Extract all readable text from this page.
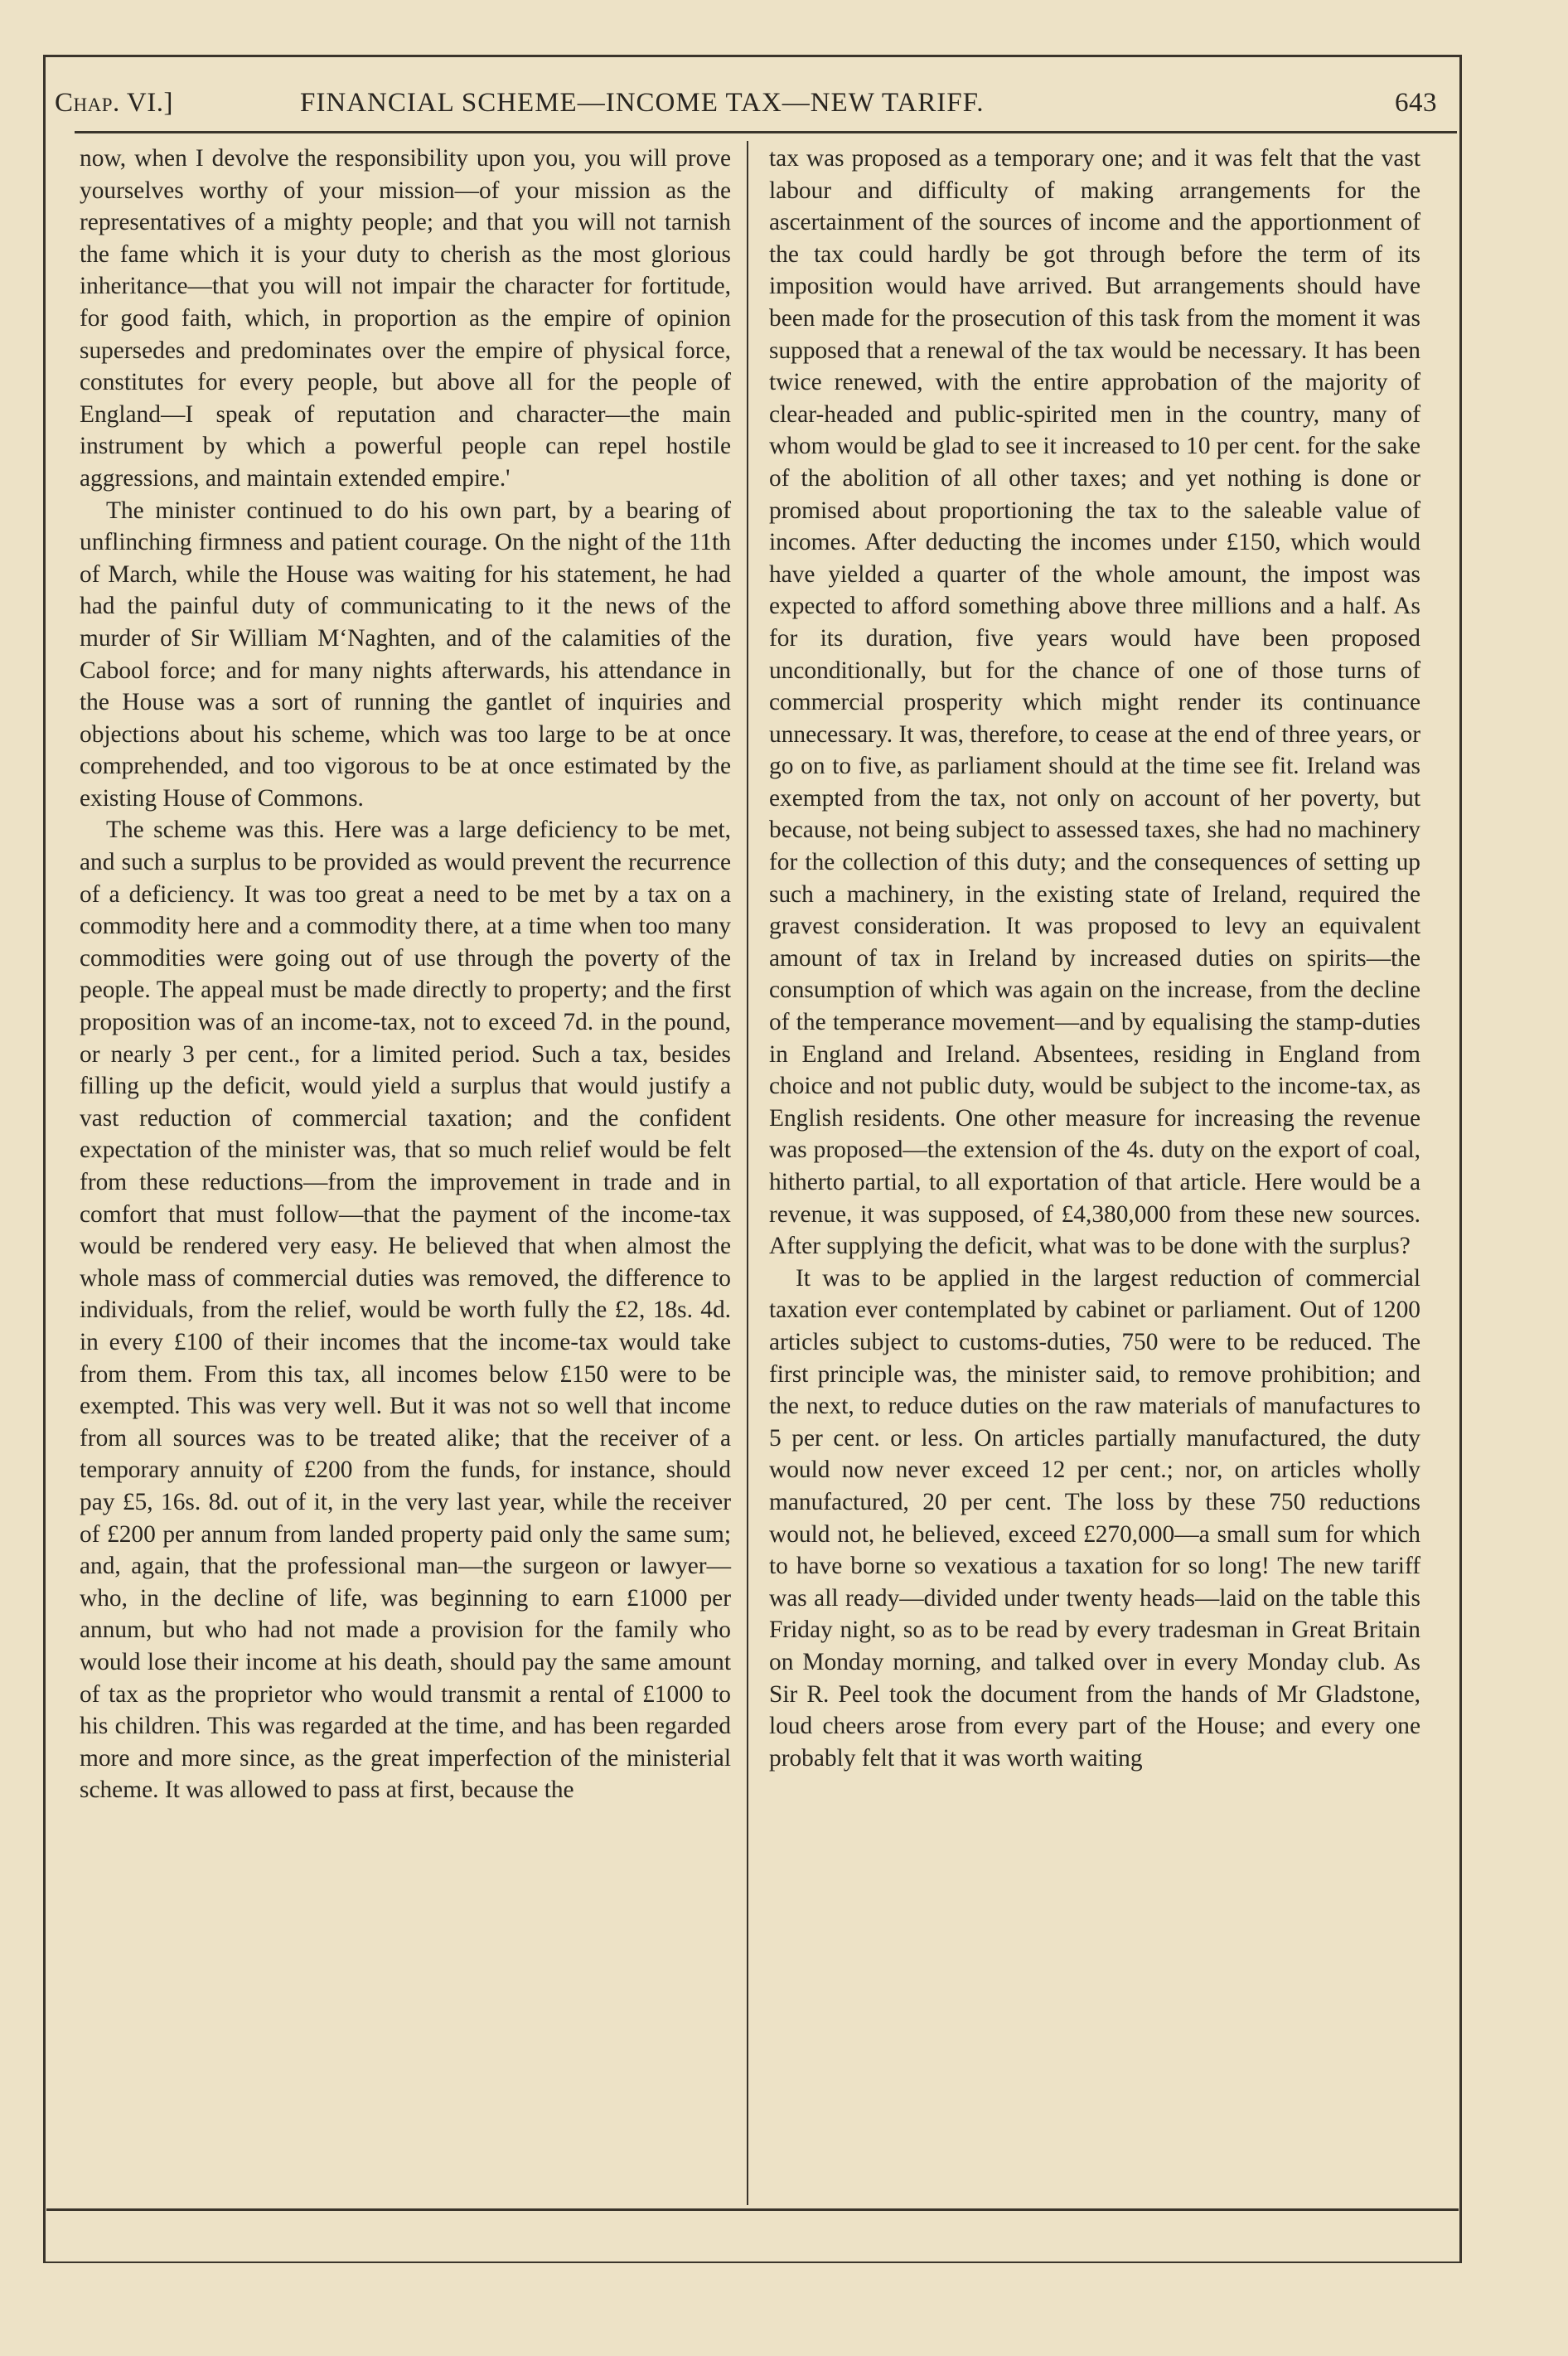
Chap. VI.]	FINANCIAL SCHEME—INCOME TAX—NEW TARIFF.	643

now, when I devolve the responsibility upon you, you will prove yourselves worthy of your mission—of your mission as the representatives of a mighty people; and that you will not tarnish the fame which it is your duty to cherish as the most glorious inheritance—that you will not impair the character for fortitude, for good faith, which, in proportion as the empire of opinion supersedes and predominates over the empire of physical force, constitutes for every people, but above all for the people of England—I speak of reputation and character—the main instrument by which a powerful people can repel hostile aggressions, and maintain extended empire.'

The minister continued to do his own part, by a bearing of unflinching firmness and patient courage. On the night of the 11th of March, while the House was waiting for his statement, he had had the painful duty of communicating to it the news of the murder of Sir William M‘Naghten, and of the calamities of the Cabool force; and for many nights afterwards, his attendance in the House was a sort of running the gantlet of inquiries and objections about his scheme, which was too large to be at once comprehended, and too vigorous to be at once estimated by the existing House of Commons.

The scheme was this. Here was a large deficiency to be met, and such a surplus to be provided as would prevent the recurrence of a deficiency. It was too great a need to be met by a tax on a commodity here and a commodity there, at a time when too many commodities were going out of use through the poverty of the people. The appeal must be made directly to property; and the first proposition was of an income-tax, not to exceed 7d. in the pound, or nearly 3 per cent., for a limited period. Such a tax, besides filling up the deficit, would yield a surplus that would justify a vast reduction of commercial taxation; and the confident expectation of the minister was, that so much relief would be felt from these reductions—from the improvement in trade and in comfort that must follow—that the payment of the income-tax would be rendered very easy. He believed that when almost the whole mass of commercial duties was removed, the difference to individuals, from the relief, would be worth fully the £2, 18s. 4d. in every £100 of their incomes that the income-tax would take from them. From this tax, all incomes below £150 were to be exempted. This was very well. But it was not so well that income from all sources was to be treated alike; that the receiver of a temporary annuity of £200 from the funds, for instance, should pay £5, 16s. 8d. out of it, in the very last year, while the receiver of £200 per annum from landed property paid only the same sum; and, again, that the professional man—the surgeon or lawyer—who, in the decline of life, was beginning to earn £1000 per annum, but who had not made a provision for the family who would lose their income at his death, should pay the same amount of tax as the proprietor who would transmit a rental of £1000 to his children. This was regarded at the time, and has been regarded more and more since, as the great imperfection of the ministerial scheme. It was allowed to pass at first, because the

tax was proposed as a temporary one; and it was felt that the vast labour and difficulty of making arrangements for the ascertainment of the sources of income and the apportionment of the tax could hardly be got through before the term of its imposition would have arrived. But arrangements should have been made for the prosecution of this task from the moment it was supposed that a renewal of the tax would be necessary. It has been twice renewed, with the entire approbation of the majority of clear-headed and public-spirited men in the country, many of whom would be glad to see it increased to 10 per cent. for the sake of the abolition of all other taxes; and yet nothing is done or promised about proportioning the tax to the saleable value of incomes. After deducting the incomes under £150, which would have yielded a quarter of the whole amount, the impost was expected to afford something above three millions and a half. As for its duration, five years would have been proposed unconditionally, but for the chance of one of those turns of commercial prosperity which might render its continuance unnecessary. It was, therefore, to cease at the end of three years, or go on to five, as parliament should at the time see fit. Ireland was exempted from the tax, not only on account of her poverty, but because, not being subject to assessed taxes, she had no machinery for the collection of this duty; and the consequences of setting up such a machinery, in the existing state of Ireland, required the gravest consideration. It was proposed to levy an equivalent amount of tax in Ireland by increased duties on spirits—the consumption of which was again on the increase, from the decline of the temperance movement—and by equalising the stamp-duties in England and Ireland. Absentees, residing in England from choice and not public duty, would be subject to the income-tax, as English residents. One other measure for increasing the revenue was proposed—the extension of the 4s. duty on the export of coal, hitherto partial, to all exportation of that article. Here would be a revenue, it was supposed, of £4,380,000 from these new sources. After supplying the deficit, what was to be done with the surplus?

It was to be applied in the largest reduction of commercial taxation ever contemplated by cabinet or parliament. Out of 1200 articles subject to customs-duties, 750 were to be reduced. The first principle was, the minister said, to remove prohibition; and the next, to reduce duties on the raw materials of manufactures to 5 per cent. or less. On articles partially manufactured, the duty would now never exceed 12 per cent.; nor, on articles wholly manufactured, 20 per cent. The loss by these 750 reductions would not, he believed, exceed £270,000—a small sum for which to have borne so vexatious a taxation for so long! The new tariff was all ready—divided under twenty heads—laid on the table this Friday night, so as to be read by every tradesman in Great Britain on Monday morning, and talked over in every Monday club. As Sir R. Peel took the document from the hands of Mr Gladstone, loud cheers arose from every part of the House; and every one probably felt that it was worth waiting
